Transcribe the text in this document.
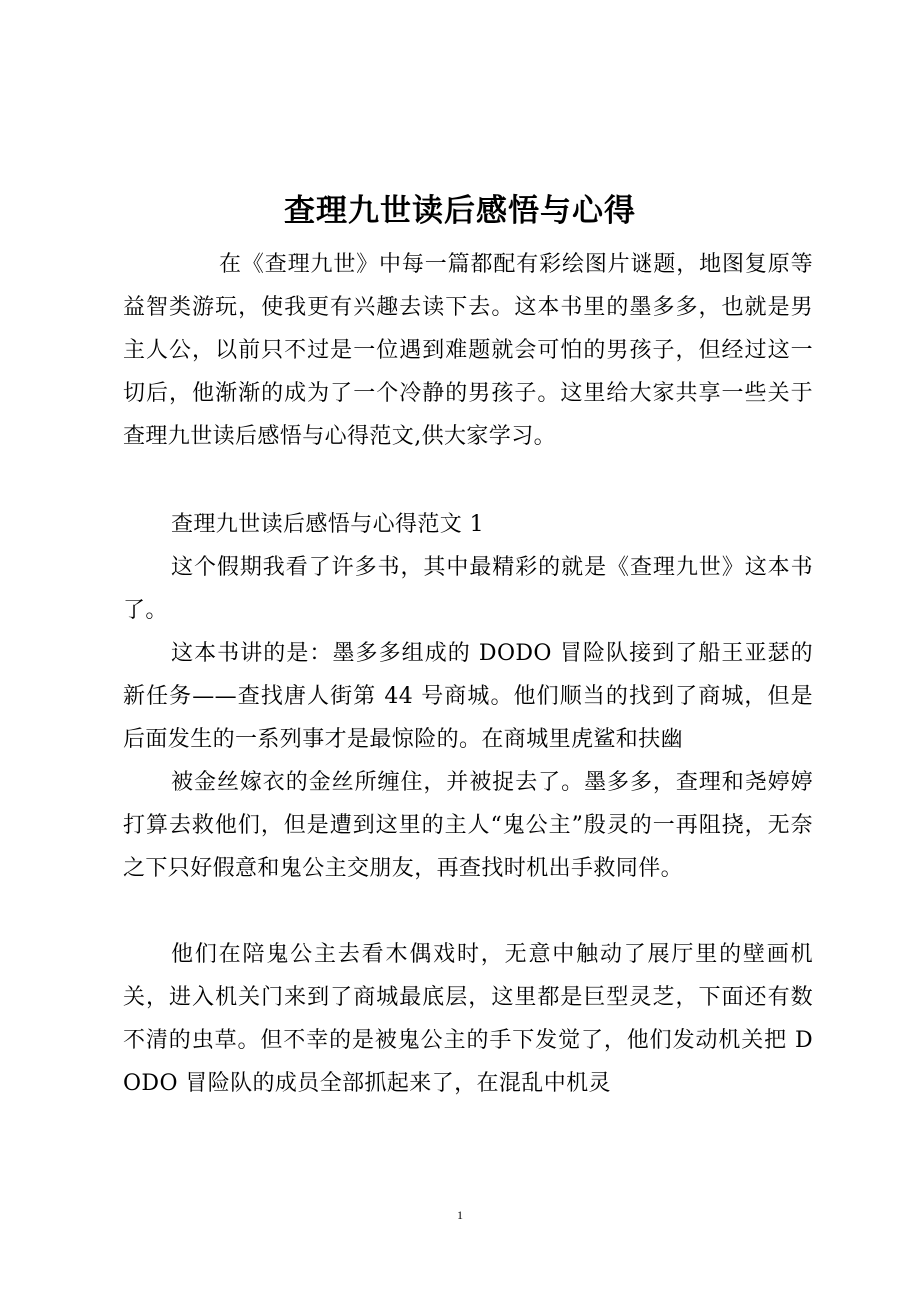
查理九世读后感悟与心得

在《查理九世》中每一篇都配有彩绘图片谜题，地图复原等益智类游玩，使我更有兴趣去读下去。这本书里的墨多多，也就是男主人公，以前只不过是一位遇到难题就会可怕的男孩子，但经过这一切后，他渐渐的成为了一个冷静的男孩子。这里给大家共享一些关于查理九世读后感悟与心得范文,供大家学习。

查理九世读后感悟与心得范文 1

这个假期我看了许多书，其中最精彩的就是《查理九世》这本书了。

这本书讲的是：墨多多组成的 DODO 冒险队接到了船王亚瑟的新任务——查找唐人街第 44 号商城。他们顺当的找到了商城，但是后面发生的一系列事才是最惊险的。在商城里虎鲨和扶幽

被金丝嫁衣的金丝所缠住，并被捉去了。墨多多，查理和尧婷婷打算去救他们，但是遭到这里的主人“鬼公主”殷灵的一再阻挠，无奈之下只好假意和鬼公主交朋友，再查找时机出手救同伴。

他们在陪鬼公主去看木偶戏时，无意中触动了展厅里的壁画机关，进入机关门来到了商城最底层，这里都是巨型灵芝，下面还有数不清的虫草。但不幸的是被鬼公主的手下发觉了，他们发动机关把 DODO 冒险队的成员全部抓起来了，在混乱中机灵

1
